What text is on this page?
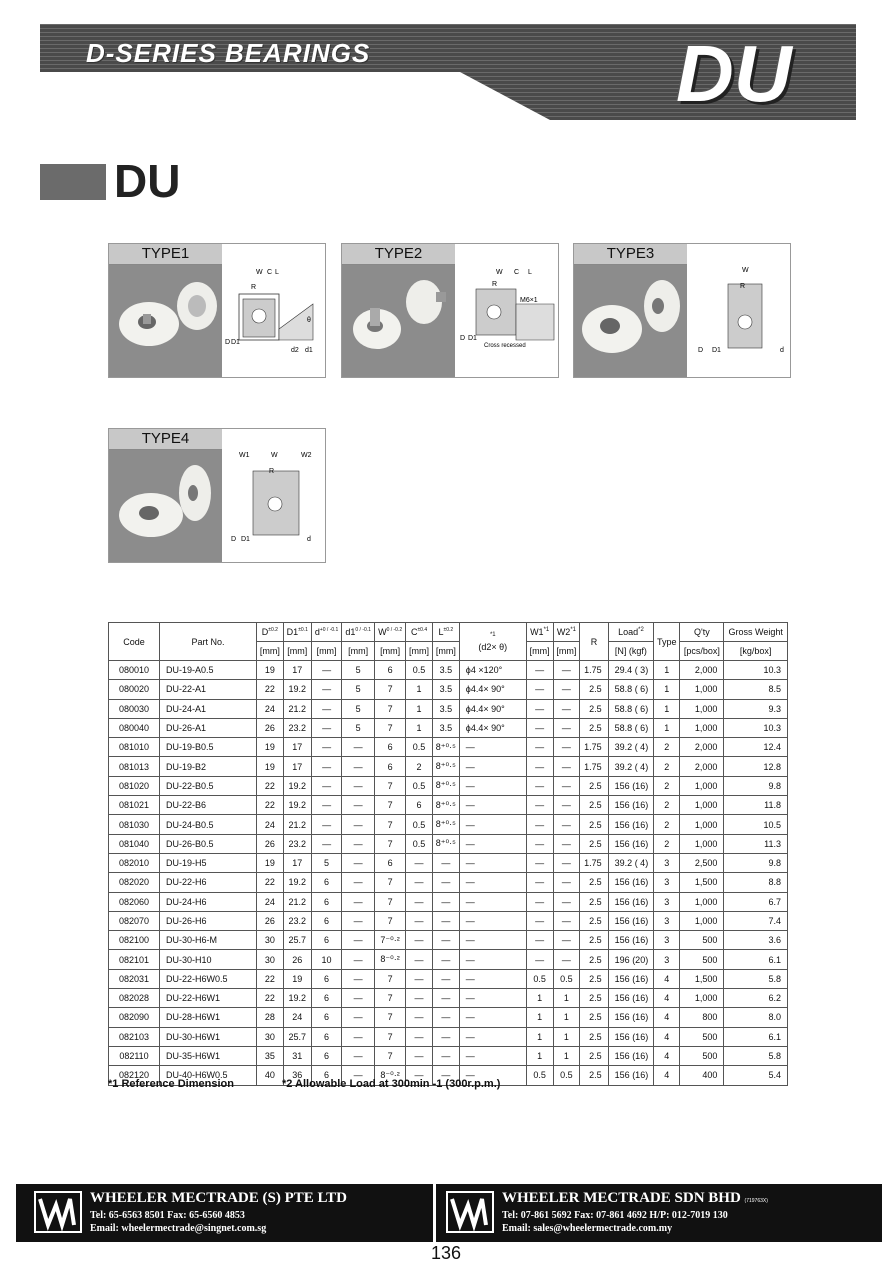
D-SERIES BEARINGS	DU
DU
TYPE1
W C L
R
D D1
d2 d1
θ
TYPE2
W C L
R
M6×1
D D1
Cross recessed
TYPE3
W
R
D D1	d
TYPE4
W1	W	W2
R
D D1	d
Code	Part No.	$D^{\pm 0.2}$	$D1^{\pm 0.1}$	$d^{+0 / -0.1}$	$d1^{0 / -0.1}$	$W^{0 / -0.2}$	$C^{\pm 0.4}$	$L^{\pm 0.2}$	$^{*1}$
(d2× θ)	W1$^{*1}$	W2$^{*1}$	R	Load$^{*2}$	Type	Q'ty	Gross Weight
		[mm]	[mm]	[mm]	[mm]	[mm]	[mm]	[mm]		[mm]	[mm]		[N] (kgf)		[pcs/box]	[kg/box]
080010	DU-19-A0.5	19	17	—	5	6	0.5	3.5	ϕ4 ×120°	—	—	1.75	29.4 ( 3)	1	2,000	10.3
080020	DU-22-A1	22	19.2	—	5	7	1	3.5	ϕ4.4× 90°	—	—	2.5	58.8 ( 6)	1	1,000	8.5
080030	DU-24-A1	24	21.2	—	5	7	1	3.5	ϕ4.4× 90°	—	—	2.5	58.8 ( 6)	1	1,000	9.3
080040	DU-26-A1	26	23.2	—	5	7	1	3.5	ϕ4.4× 90°	—	—	2.5	58.8 ( 6)	1	1,000	10.3
081010	DU-19-B0.5	19	17	—	—	6	0.5	8⁺⁰·⁵	—	—	—	1.75	39.2 ( 4)	2	2,000	12.4
081013	DU-19-B2	19	17	—	—	6	2	8⁺⁰·⁵	—	—	—	1.75	39.2 ( 4)	2	2,000	12.8
081020	DU-22-B0.5	22	19.2	—	—	7	0.5	8⁺⁰·⁵	—	—	—	2.5	156 (16)	2	1,000	9.8
081021	DU-22-B6	22	19.2	—	—	7	6	8⁺⁰·⁵	—	—	—	2.5	156 (16)	2	1,000	11.8
081030	DU-24-B0.5	24	21.2	—	—	7	0.5	8⁺⁰·⁵	—	—	—	2.5	156 (16)	2	1,000	10.5
081040	DU-26-B0.5	26	23.2	—	—	7	0.5	8⁺⁰·⁵	—	—	—	2.5	156 (16)	2	1,000	11.3
082010	DU-19-H5	19	17	5	—	6	—	—	—	—	—	1.75	39.2 ( 4)	3	2,500	9.8
082020	DU-22-H6	22	19.2	6	—	7	—	—	—	—	—	2.5	156 (16)	3	1,500	8.8
082060	DU-24-H6	24	21.2	6	—	7	—	—	—	—	—	2.5	156 (16)	3	1,000	6.7
082070	DU-26-H6	26	23.2	6	—	7	—	—	—	—	—	2.5	156 (16)	3	1,000	7.4
082100	DU-30-H6-M	30	25.7	6	—	7⁻⁰·²	—	—	—	—	—	2.5	156 (16)	3	500	3.6
082101	DU-30-H10	30	26	10	—	8⁻⁰·²	—	—	—	—	—	2.5	196 (20)	3	500	6.1
082031	DU-22-H6W0.5	22	19	6	—	7	—	—	—	0.5	0.5	2.5	156 (16)	4	1,500	5.8
082028	DU-22-H6W1	22	19.2	6	—	7	—	—	—	1	1	2.5	156 (16)	4	1,000	6.2
082090	DU-28-H6W1	28	24	6	—	7	—	—	—	1	1	2.5	156 (16)	4	800	8.0
082103	DU-30-H6W1	30	25.7	6	—	7	—	—	—	1	1	2.5	156 (16)	4	500	6.1
082110	DU-35-H6W1	35	31	6	—	7	—	—	—	1	1	2.5	156 (16)	4	500	5.8
082120	DU-40-H6W0.5	40	36	6	—	8⁻⁰·²	—	—	—	0.5	0.5	2.5	156 (16)	4	400	5.4
*1 Reference Dimension	*2 Allowable Load at 300min -1 (300r.p.m.)
WHEELER MECTRADE (S) PTE LTD
Tel: 65-6563 8501 Fax: 65-6560 4853
Email: wheelermectrade@singnet.com.sg
WHEELER MECTRADE SDN BHD (719763X)
Tel: 07-861 5692 Fax: 07-861 4692 H/P: 012-7019 130
Email: sales@wheelermectrade.com.my
136
